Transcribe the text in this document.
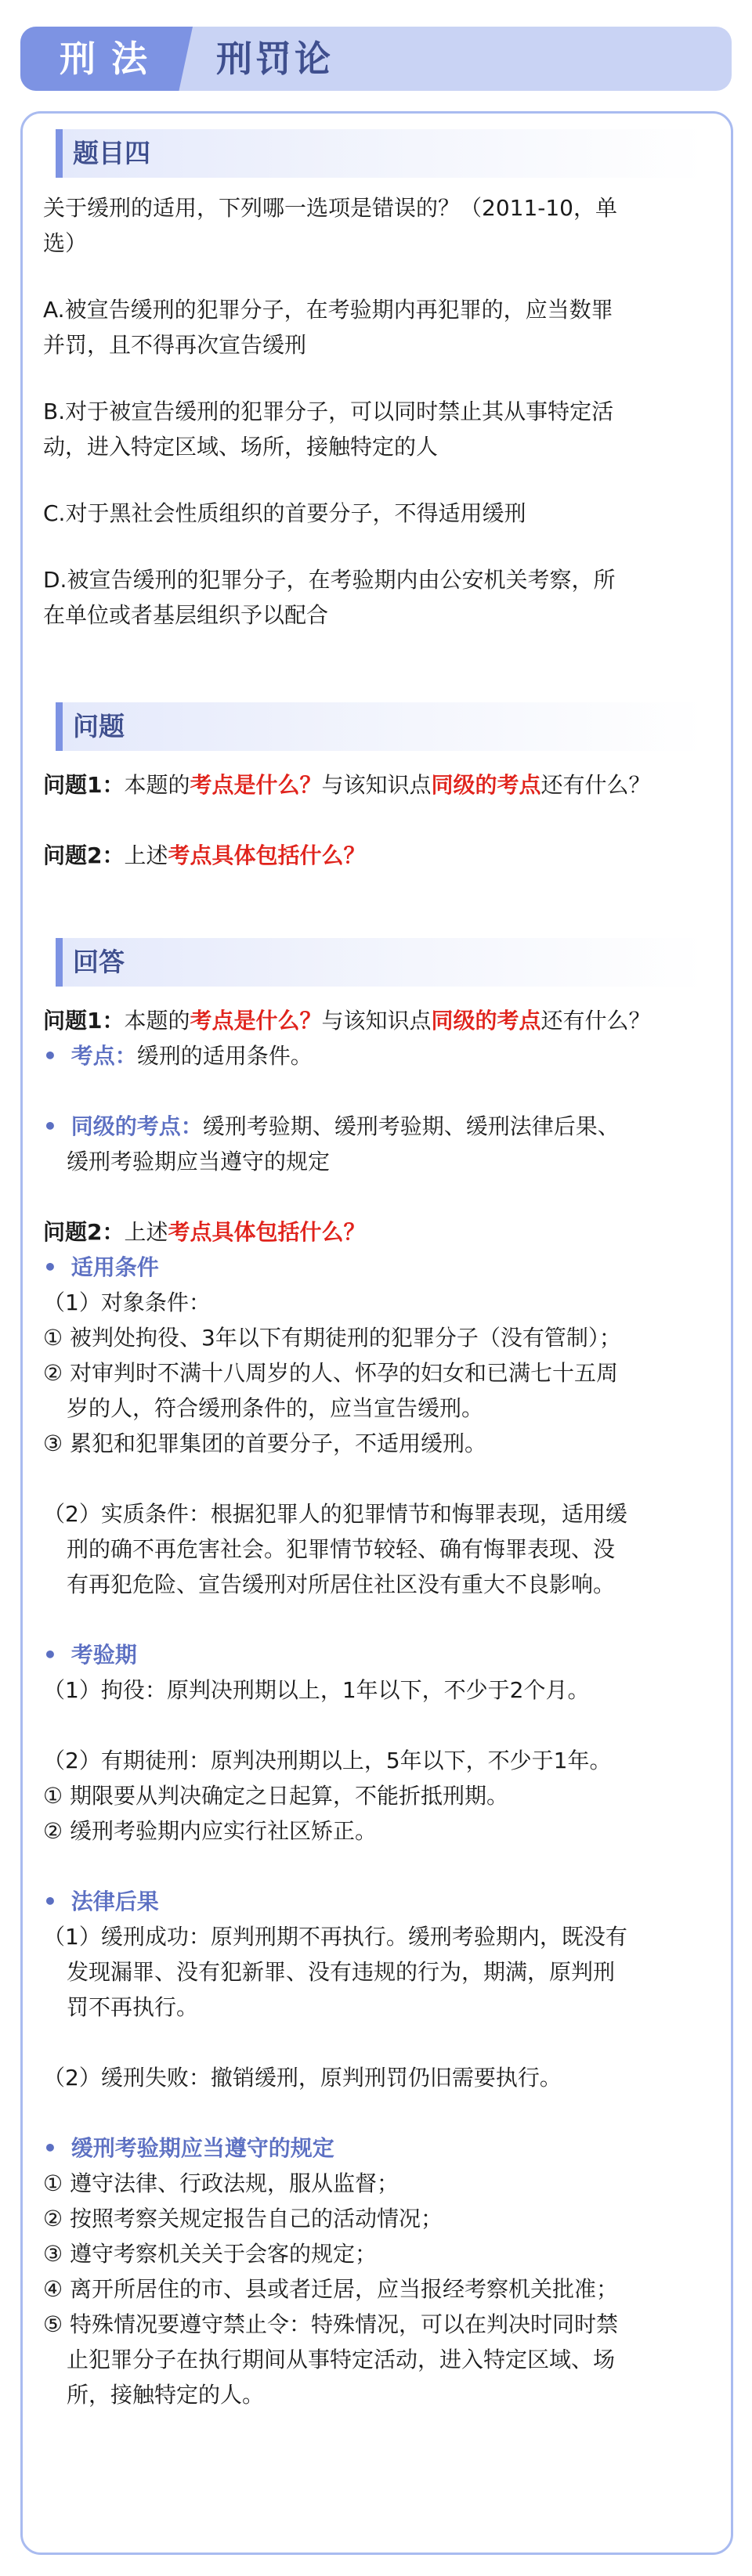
刑法	刑罚论
题目四
关于缓刑的适用，下列哪一选项是错误的？（2011-10，单
选）
A.被宣告缓刑的犯罪分子，在考验期内再犯罪的，应当数罪
并罚，且不得再次宣告缓刑
B.对于被宣告缓刑的犯罪分子，可以同时禁止其从事特定活
动，进入特定区域、场所，接触特定的人
C.对于黑社会性质组织的首要分子，不得适用缓刑
D.被宣告缓刑的犯罪分子，在考验期内由公安机关考察，所
在单位或者基层组织予以配合
问题
问题1：本题的考点是什么？与该知识点同级的考点还有什么？
问题2：上述考点具体包括什么？
回答
问题1：本题的考点是什么？与该知识点同级的考点还有什么？
• 考点：缓刑的适用条件。
• 同级的考点：缓刑考验期、缓刑考验期、缓刑法律后果、
缓刑考验期应当遵守的规定
问题2：上述考点具体包括什么？
• 适用条件
（1）对象条件：
① 被判处拘役、3年以下有期徒刑的犯罪分子（没有管制）；
② 对审判时不满十八周岁的人、怀孕的妇女和已满七十五周
岁的人，符合缓刑条件的，应当宣告缓刑。
③ 累犯和犯罪集团的首要分子，不适用缓刑。
（2）实质条件：根据犯罪人的犯罪情节和悔罪表现，适用缓
刑的确不再危害社会。犯罪情节较轻、确有悔罪表现、没
有再犯危险、宣告缓刑对所居住社区没有重大不良影响。
• 考验期
（1）拘役：原判决刑期以上，1年以下，不少于2个月。
（2）有期徒刑：原判决刑期以上，5年以下，不少于1年。
① 期限要从判决确定之日起算，不能折抵刑期。
② 缓刑考验期内应实行社区矫正。
• 法律后果
（1）缓刑成功：原判刑期不再执行。缓刑考验期内，既没有
发现漏罪、没有犯新罪、没有违规的行为，期满，原判刑
罚不再执行。
（2）缓刑失败：撤销缓刑，原判刑罚仍旧需要执行。
• 缓刑考验期应当遵守的规定
① 遵守法律、行政法规，服从监督；
② 按照考察关规定报告自己的活动情况；
③ 遵守考察机关关于会客的规定；
④ 离开所居住的市、县或者迁居，应当报经考察机关批准；
⑤ 特殊情况要遵守禁止令：特殊情况，可以在判决时同时禁
止犯罪分子在执行期间从事特定活动，进入特定区域、场
所，接触特定的人。
